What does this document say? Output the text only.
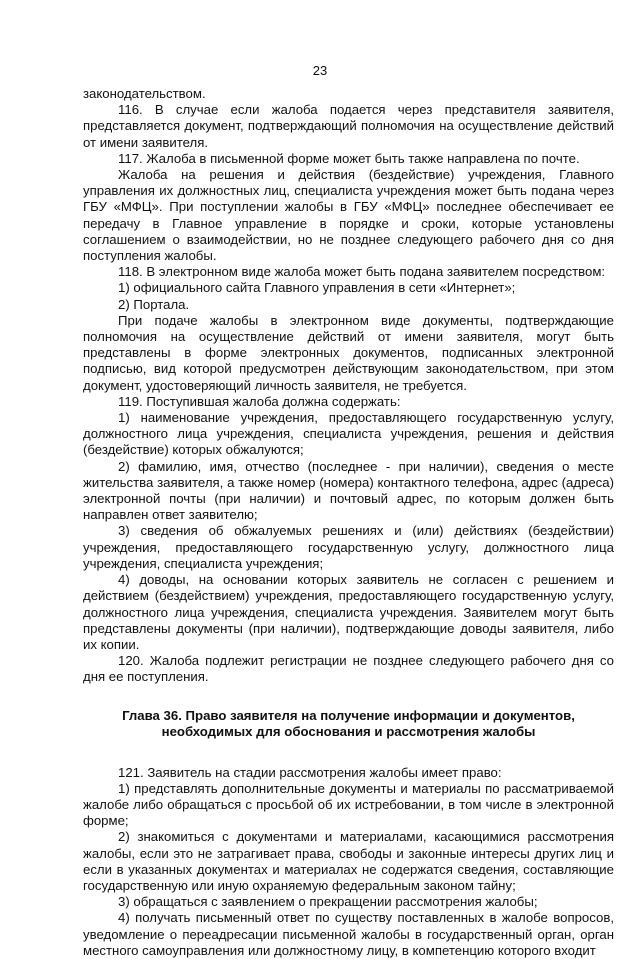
23

законодательством.

116. В случае если жалоба подается через представителя заявителя, представляется документ, подтверждающий полномочия на осуществление действий от имени заявителя.

117. Жалоба в письменной форме может быть также направлена по почте.

Жалоба на решения и действия (бездействие) учреждения, Главного управления их должностных лиц, специалиста учреждения может быть подана через ГБУ «МФЦ». При поступлении жалобы в ГБУ «МФЦ» последнее обеспечивает ее передачу в Главное управление в порядке и сроки, которые установлены соглашением о взаимодействии, но не позднее следующего рабочего дня со дня поступления жалобы.

118. В электронном виде жалоба может быть подана заявителем посредством:

1) официального сайта Главного управления в сети «Интернет»;

2) Портала.

При подаче жалобы в электронном виде документы, подтверждающие полномочия на осуществление действий от имени заявителя, могут быть представлены в форме электронных документов, подписанных электронной подписью, вид которой предусмотрен действующим законодательством, при этом документ, удостоверяющий личность заявителя, не требуется.

119. Поступившая жалоба должна содержать:

1) наименование учреждения, предоставляющего государственную услугу, должностного лица учреждения, специалиста учреждения, решения и действия (бездействие) которых обжалуются;

2) фамилию, имя, отчество (последнее - при наличии), сведения о месте жительства заявителя, а также номер (номера) контактного телефона, адрес (адреса) электронной почты (при наличии) и почтовый адрес, по которым должен быть направлен ответ заявителю;

3) сведения об обжалуемых решениях и (или) действиях (бездействии) учреждения, предоставляющего государственную услугу, должностного лица учреждения, специалиста учреждения;

4) доводы, на основании которых заявитель не согласен с решением и действием (бездействием) учреждения, предоставляющего государственную услугу, должностного лица учреждения, специалиста учреждения. Заявителем могут быть представлены документы (при наличии), подтверждающие доводы заявителя, либо их копии.

120. Жалоба подлежит регистрации не позднее следующего рабочего дня со дня ее поступления.

Глава 36. Право заявителя на получение информации и документов,
необходимых для обоснования и рассмотрения жалобы

121. Заявитель на стадии рассмотрения жалобы имеет право:

1) представлять дополнительные документы и материалы по рассматриваемой жалобе либо обращаться с просьбой об их истребовании, в том числе в электронной форме;

2) знакомиться с документами и материалами, касающимися рассмотрения жалобы, если это не затрагивает права, свободы и законные интересы других лиц и если в указанных документах и материалах не содержатся сведения, составляющие государственную или иную охраняемую федеральным законом тайну;

3) обращаться с заявлением о прекращении рассмотрения жалобы;

4) получать письменный ответ по существу поставленных в жалобе вопросов, уведомление о переадресации письменной жалобы в государственный орган, орган местного самоуправления или должностному лицу, в компетенцию которого входит
